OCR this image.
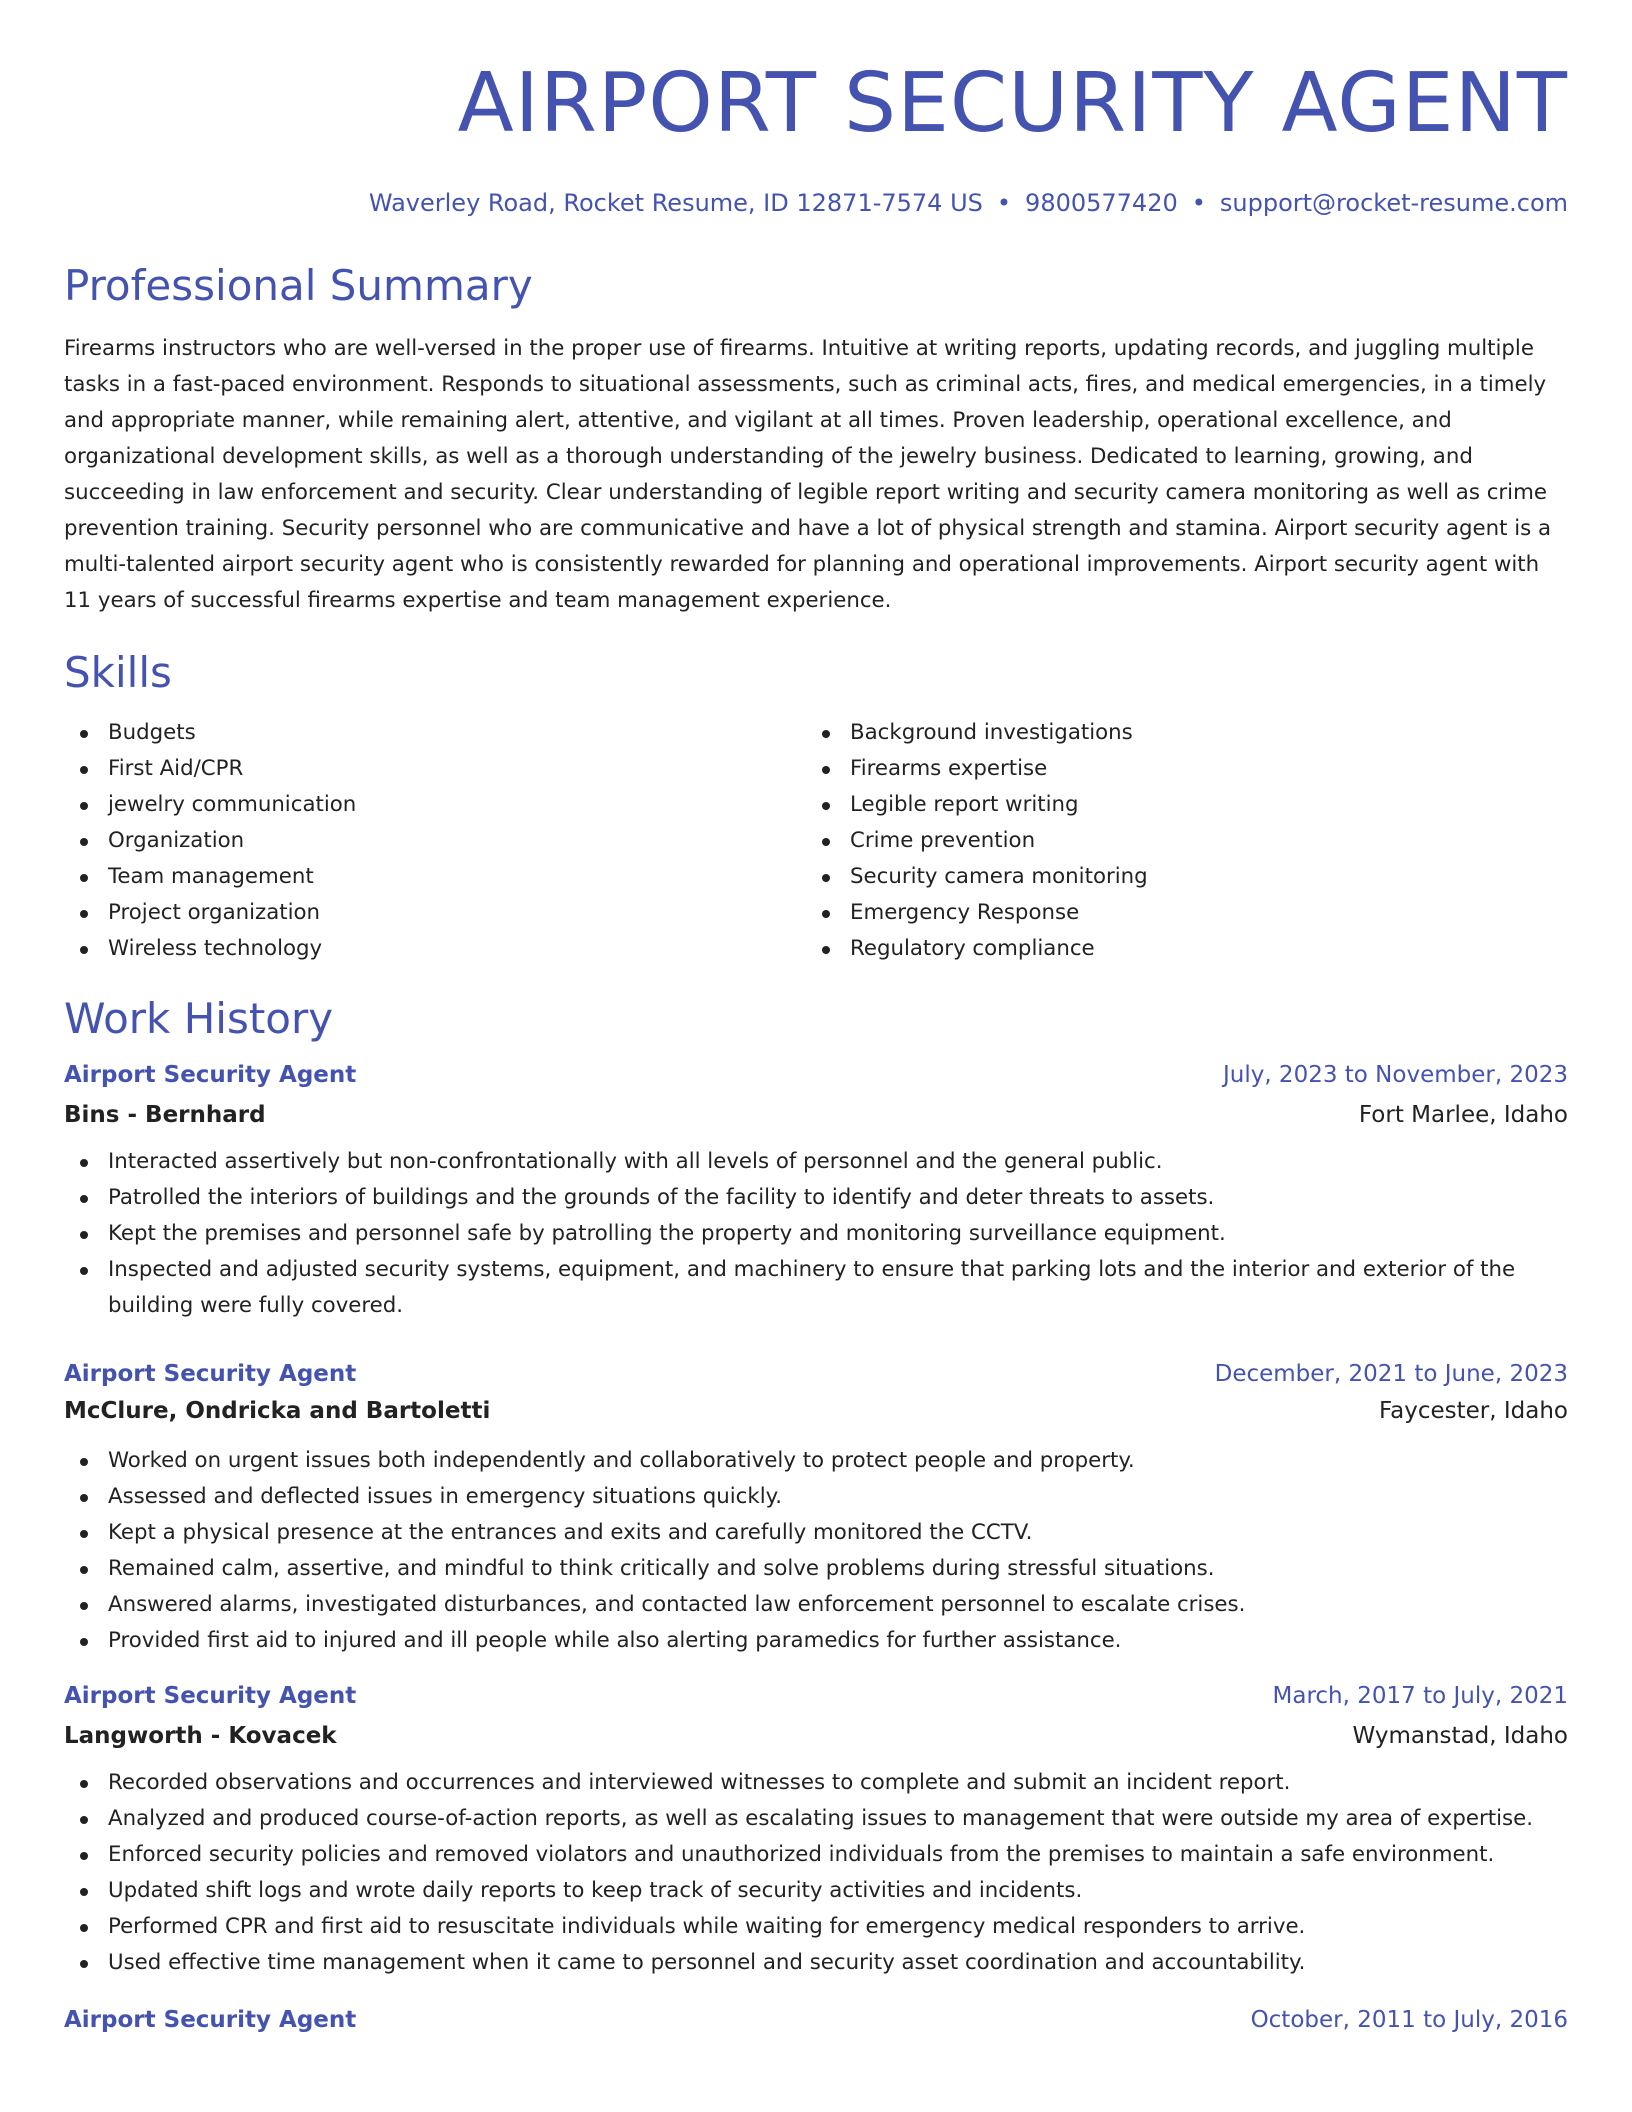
AIRPORT SECURITY AGENT
Waverley Road, Rocket Resume, ID 12871-7574 US • 9800577420 • support@rocket-resume.com
Professional Summary
Firearms instructors who are well-versed in the proper use of firearms. Intuitive at writing reports, updating records, and juggling multiple tasks in a fast-paced environment. Responds to situational assessments, such as criminal acts, fires, and medical emergencies, in a timely and appropriate manner, while remaining alert, attentive, and vigilant at all times. Proven leadership, operational excellence, and organizational development skills, as well as a thorough understanding of the jewelry business. Dedicated to learning, growing, and succeeding in law enforcement and security. Clear understanding of legible report writing and security camera monitoring as well as crime prevention training. Security personnel who are communicative and have a lot of physical strength and stamina. Airport security agent is a multi-talented airport security agent who is consistently rewarded for planning and operational improvements. Airport security agent with 11 years of successful firearms expertise and team management experience.
Skills
Budgets
First Aid/CPR
jewelry communication
Organization
Team management
Project organization
Wireless technology
Background investigations
Firearms expertise
Legible report writing
Crime prevention
Security camera monitoring
Emergency Response
Regulatory compliance
Work History
Airport Security Agent	July, 2023 to November, 2023
Bins - Bernhard	Fort Marlee, Idaho
Interacted assertively but non-confrontationally with all levels of personnel and the general public.
Patrolled the interiors of buildings and the grounds of the facility to identify and deter threats to assets.
Kept the premises and personnel safe by patrolling the property and monitoring surveillance equipment.
Inspected and adjusted security systems, equipment, and machinery to ensure that parking lots and the interior and exterior of the building were fully covered.
Airport Security Agent	December, 2021 to June, 2023
McClure, Ondricka and Bartoletti	Faycester, Idaho
Worked on urgent issues both independently and collaboratively to protect people and property.
Assessed and deflected issues in emergency situations quickly.
Kept a physical presence at the entrances and exits and carefully monitored the CCTV.
Remained calm, assertive, and mindful to think critically and solve problems during stressful situations.
Answered alarms, investigated disturbances, and contacted law enforcement personnel to escalate crises.
Provided first aid to injured and ill people while also alerting paramedics for further assistance.
Airport Security Agent	March, 2017 to July, 2021
Langworth - Kovacek	Wymanstad, Idaho
Recorded observations and occurrences and interviewed witnesses to complete and submit an incident report.
Analyzed and produced course-of-action reports, as well as escalating issues to management that were outside my area of expertise.
Enforced security policies and removed violators and unauthorized individuals from the premises to maintain a safe environment.
Updated shift logs and wrote daily reports to keep track of security activities and incidents.
Performed CPR and first aid to resuscitate individuals while waiting for emergency medical responders to arrive.
Used effective time management when it came to personnel and security asset coordination and accountability.
Airport Security Agent	October, 2011 to July, 2016
